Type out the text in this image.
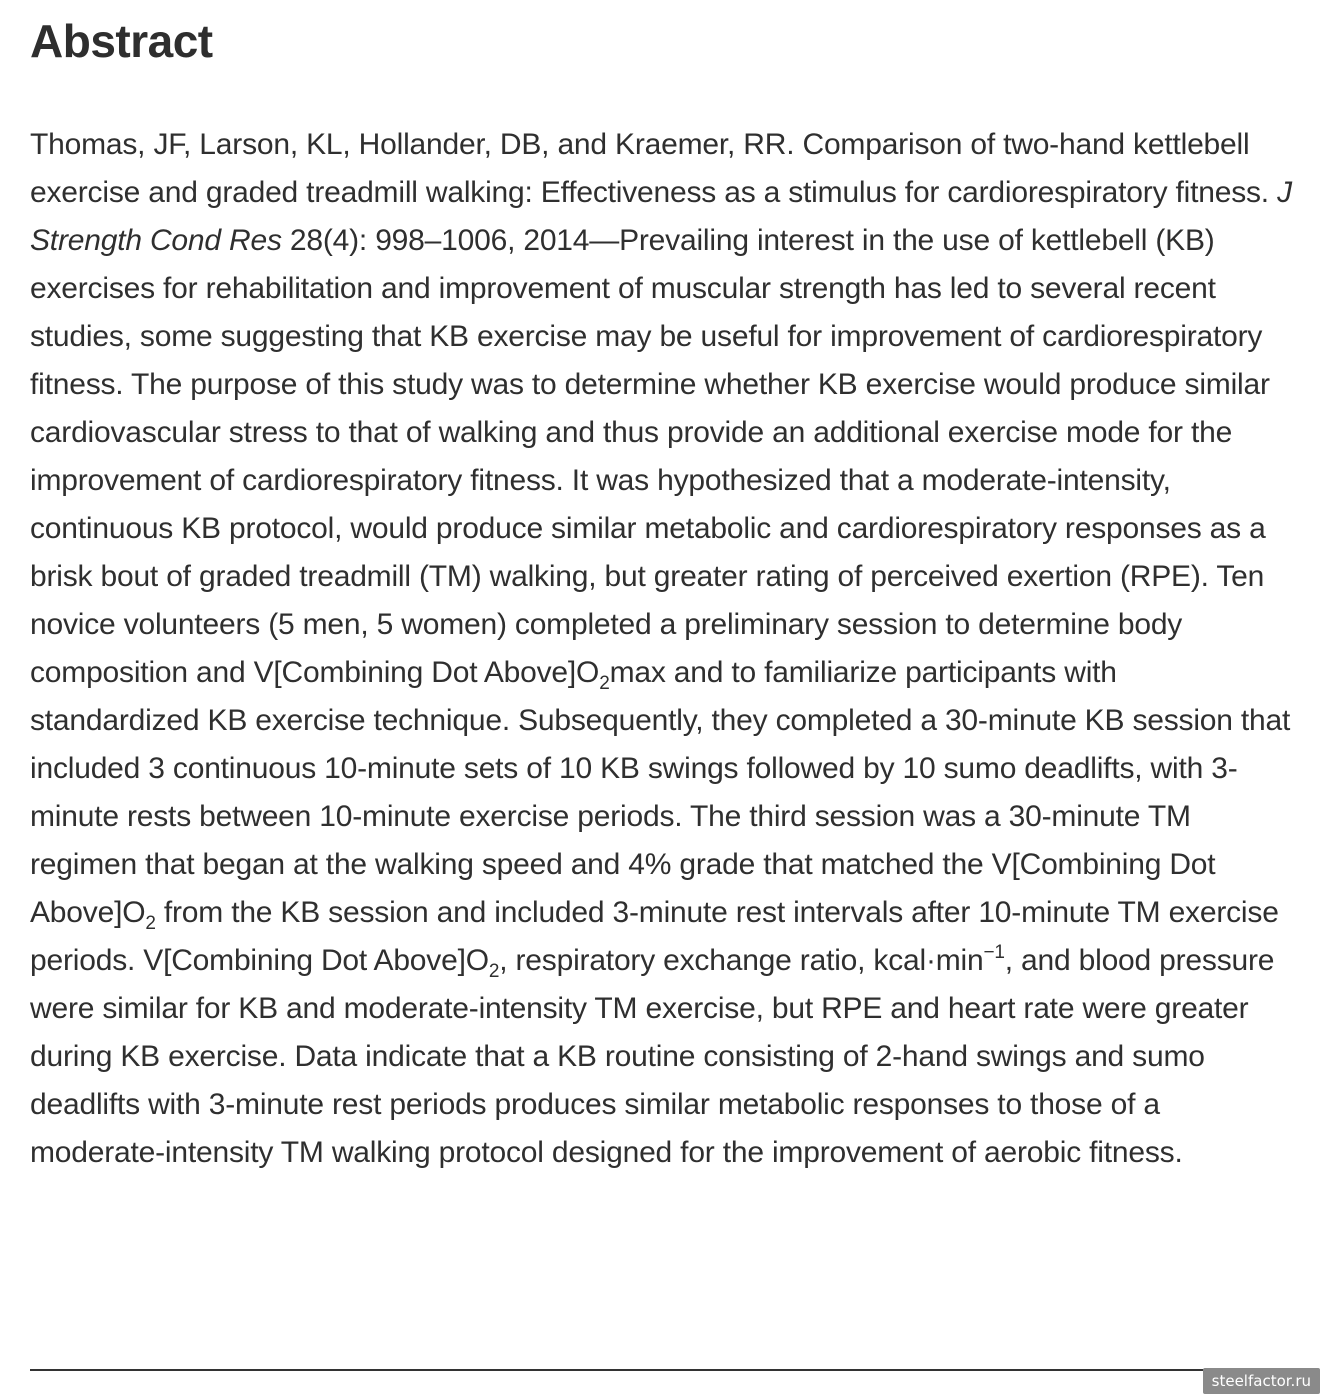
Abstract

Thomas, JF, Larson, KL, Hollander, DB, and Kraemer, RR. Comparison of two-hand kettlebell exercise and graded treadmill walking: Effectiveness as a stimulus for cardiorespiratory fitness. J Strength Cond Res 28(4): 998–1006, 2014—Prevailing interest in the use of kettlebell (KB) exercises for rehabilitation and improvement of muscular strength has led to several recent studies, some suggesting that KB exercise may be useful for improvement of cardiorespiratory fitness. The purpose of this study was to determine whether KB exercise would produce similar cardiovascular stress to that of walking and thus provide an additional exercise mode for the improvement of cardiorespiratory fitness. It was hypothesized that a moderate-intensity, continuous KB protocol, would produce similar metabolic and cardiorespiratory responses as a brisk bout of graded treadmill (TM) walking, but greater rating of perceived exertion (RPE). Ten novice volunteers (5 men, 5 women) completed a preliminary session to determine body composition and V[Combining Dot $Above]O_2\max$ and to familiarize participants with standardized KB exercise technique. Subsequently, they completed a 30-minute KB session that included 3 continuous 10-minute sets of 10 KB swings followed by 10 sumo deadlifts, with 3-minute rests between 10-minute exercise periods. The third session was a 30-minute TM regimen that began at the walking speed and 4% grade that matched the V[Combining Dot $Above]O_2$ from the KB session and included 3-minute rest intervals after 10-minute TM exercise periods. V[Combining Dot $Above]O_2$, respiratory exchange ratio, $kcal\cdot\min^{-1}$, and blood pressure were similar for KB and moderate-intensity TM exercise, but RPE and heart rate were greater during KB exercise. Data indicate that a KB routine consisting of 2-hand swings and sumo deadlifts with 3-minute rest periods produces similar metabolic responses to those of a moderate-intensity TM walking protocol designed for the improvement of aerobic fitness.

steelfactor.ru
